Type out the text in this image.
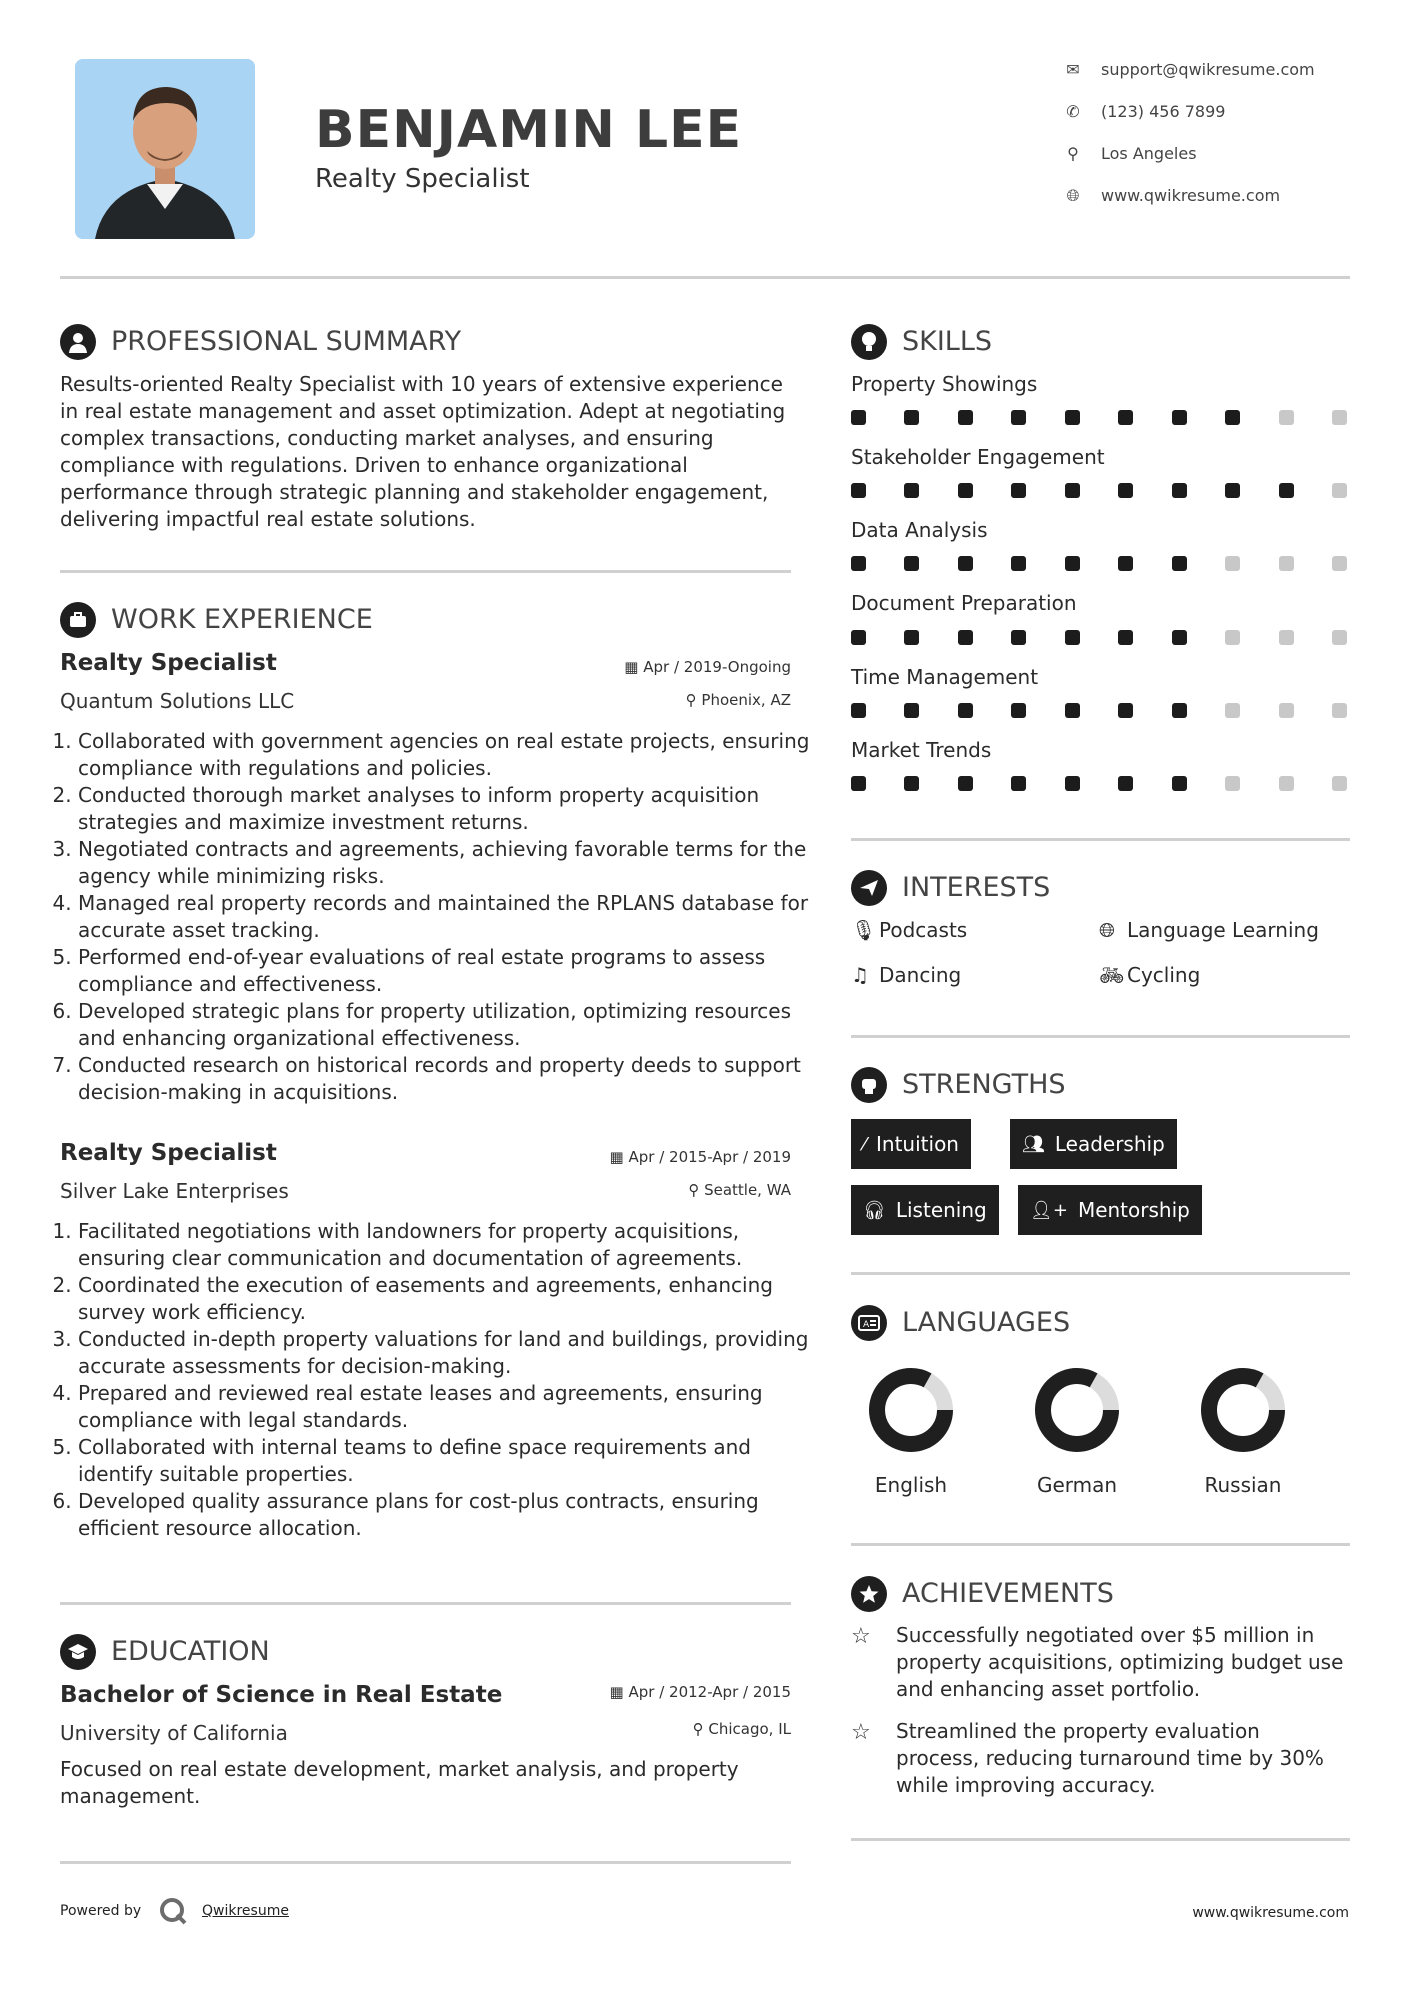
BENJAMIN LEE
Realty Specialist
✉ support@qwikresume.com
✆ (123) 456 7899
⚲ Los Angeles
🌐︎ www.qwikresume.com
PROFESSIONAL SUMMARY
Results-oriented Realty Specialist with 10 years of extensive experience in real estate management and asset optimization. Adept at negotiating complex transactions, conducting market analyses, and ensuring compliance with regulations. Driven to enhance organizational performance through strategic planning and stakeholder engagement, delivering impactful real estate solutions.
WORK EXPERIENCE
Realty Specialist	▦ Apr / 2019-Ongoing
Quantum Solutions LLC	⚲ Phoenix, AZ
1. Collaborated with government agencies on real estate projects, ensuring compliance with regulations and policies.
2. Conducted thorough market analyses to inform property acquisition strategies and maximize investment returns.
3. Negotiated contracts and agreements, achieving favorable terms for the agency while minimizing risks.
4. Managed real property records and maintained the RPLANS database for accurate asset tracking.
5. Performed end-of-year evaluations of real estate programs to assess compliance and effectiveness.
6. Developed strategic plans for property utilization, optimizing resources and enhancing organizational effectiveness.
7. Conducted research on historical records and property deeds to support decision-making in acquisitions.
Realty Specialist	▦ Apr / 2015-Apr / 2019
Silver Lake Enterprises	⚲ Seattle, WA
1. Facilitated negotiations with landowners for property acquisitions, ensuring clear communication and documentation of agreements.
2. Coordinated the execution of easements and agreements, enhancing survey work efficiency.
3. Conducted in-depth property valuations for land and buildings, providing accurate assessments for decision-making.
4. Prepared and reviewed real estate leases and agreements, ensuring compliance with legal standards.
5. Collaborated with internal teams to define space requirements and identify suitable properties.
6. Developed quality assurance plans for cost-plus contracts, ensuring efficient resource allocation.
EDUCATION
Bachelor of Science in Real Estate	▦ Apr / 2012-Apr / 2015
University of California	⚲ Chicago, IL
Focused on real estate development, market analysis, and property management.
SKILLS
Property Showings
Stakeholder Engagement
Data Analysis
Document Preparation
Time Management
Market Trends
INTERESTS
🎙︎ Podcasts	🌐︎ Language Learning
♫ Dancing	🚲︎ Cycling
STRENGTHS
⁄ Intuition	👥︎ Leadership
🎧︎ Listening 👤︎+ Mentorship
A LANGUAGES
English	German	Russian
ACHIEVEMENTS
☆ Successfully negotiated over $5 million in property acquisitions, optimizing budget use and enhancing asset portfolio.
☆ Streamlined the property evaluation process, reducing turnaround time by 30% while improving accuracy.
Powered by	Qwikresume	www.qwikresume.com
